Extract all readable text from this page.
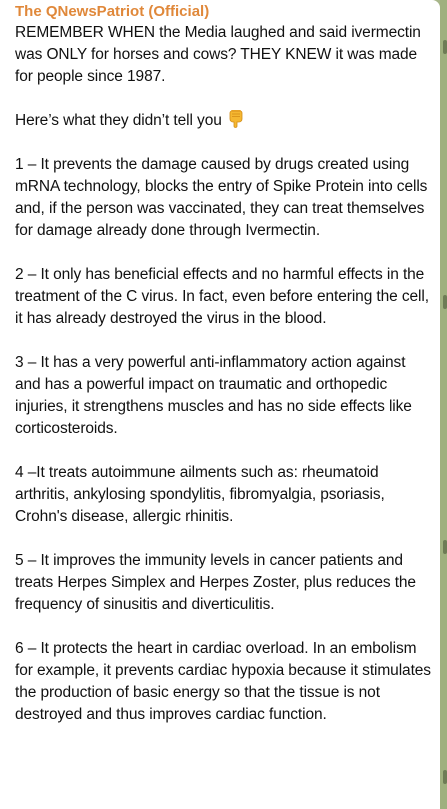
The QNewsPatriot (Official)

REMEMBER WHEN the Media laughed and said ivermectin was ONLY for horses and cows? THEY KNEW it was made for people since 1987.

Here’s what they didn’t tell you

1 – It prevents the damage caused by drugs created using mRNA technology, blocks the entry of Spike Protein into cells and, if the person was vaccinated, they can treat themselves for damage already done through Ivermectin.

2 – It only has beneficial effects and no harmful effects in the treatment of the C virus. In fact, even before entering the cell, it has already destroyed the virus in the blood.

3 – It has a very powerful anti-inflammatory action against and has a powerful impact on traumatic and orthopedic injuries, it strengthens muscles and has no side effects like corticosteroids.

4 –It treats autoimmune ailments such as: rheumatoid arthritis, ankylosing spondylitis, fibromyalgia, psoriasis, Crohn's disease, allergic rhinitis.

5 – It improves the immunity levels in cancer patients and treats Herpes Simplex and Herpes Zoster, plus reduces the frequency of sinusitis and diverticulitis.

6 – It protects the heart in cardiac overload. In an embolism for example, it prevents cardiac hypoxia because it stimulates the production of basic energy so that the tissue is not destroyed and thus improves cardiac function.
